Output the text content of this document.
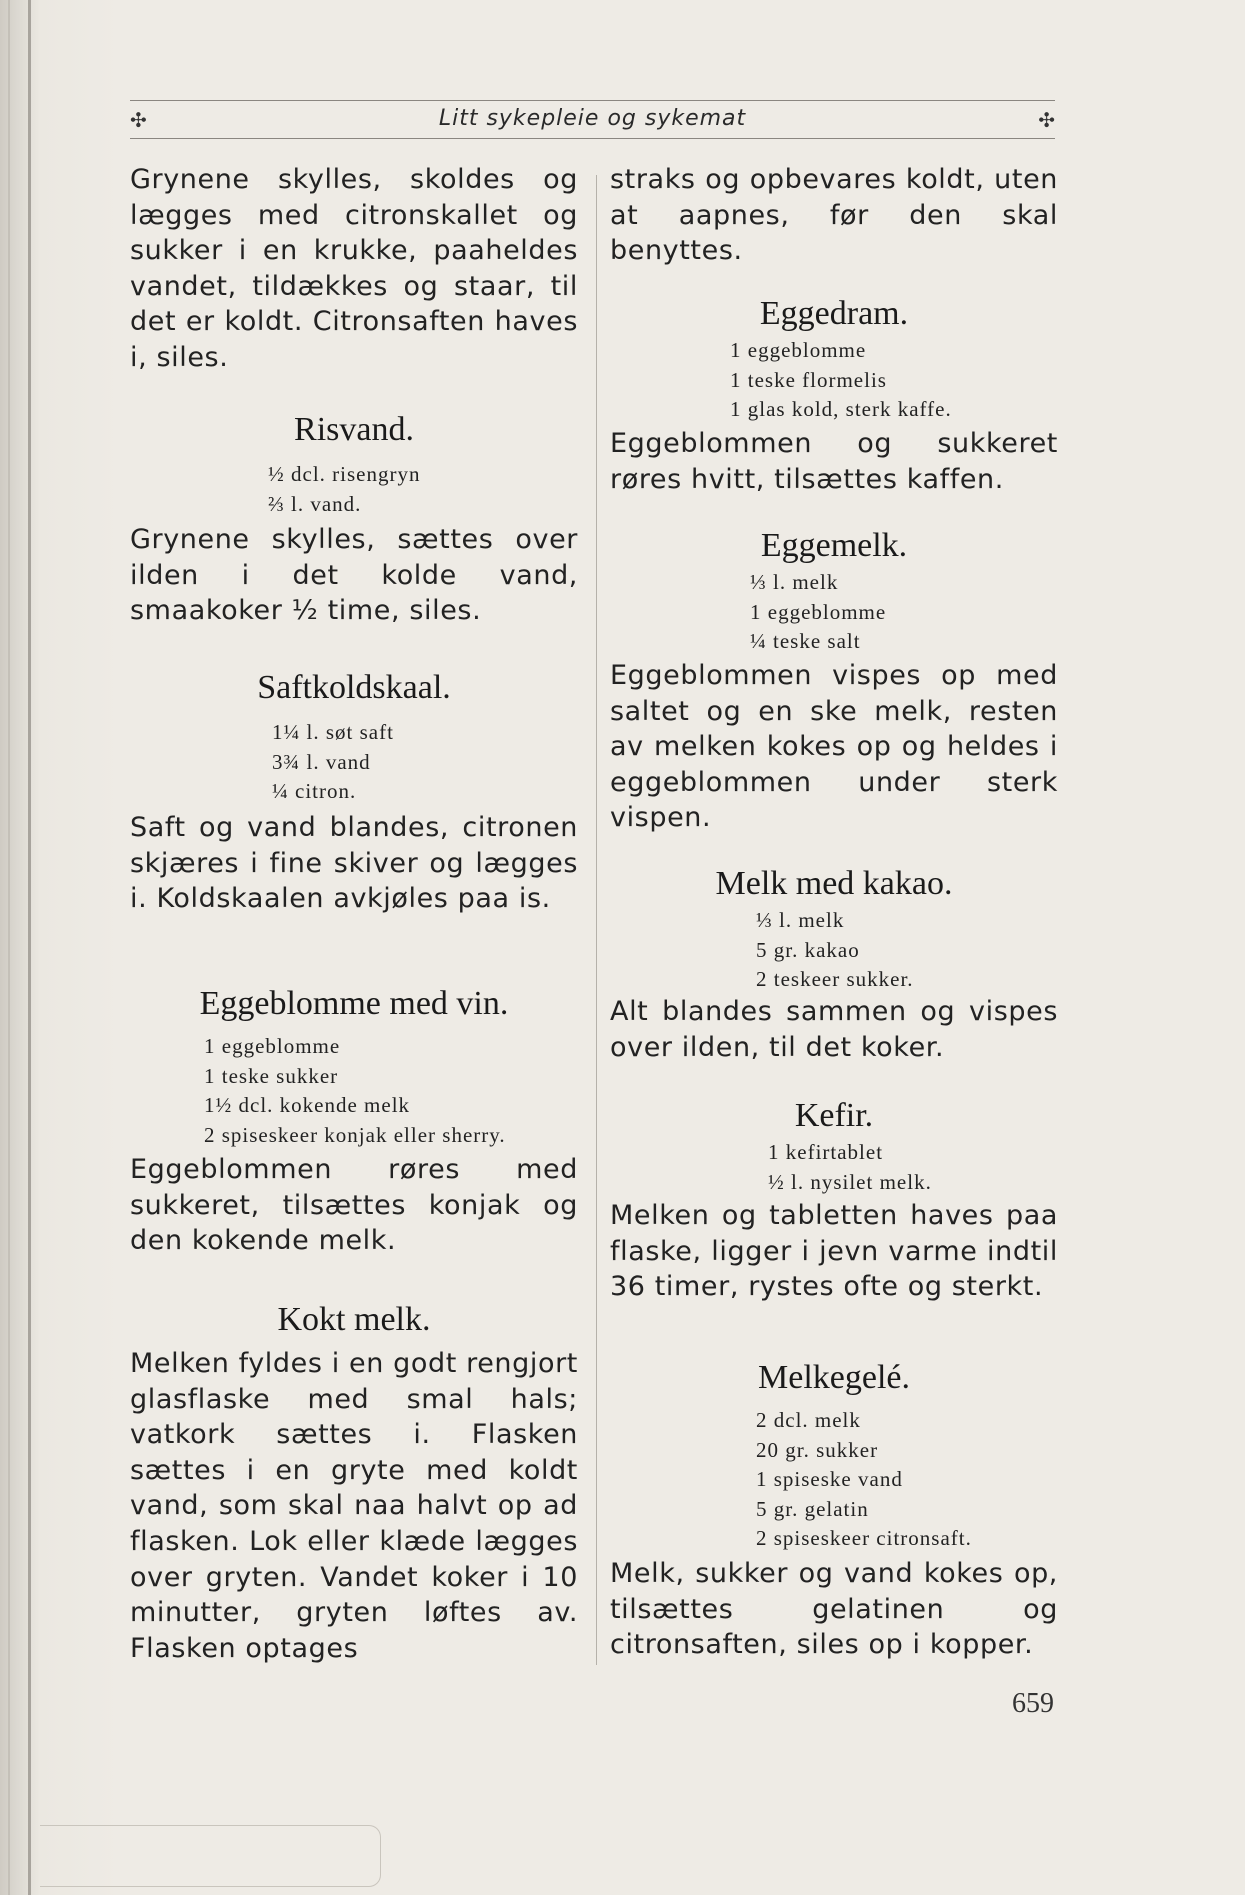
✣	Litt sykepleie og sykemat	✣
Grynene skylles, skoldes og lægges med citronskallet og sukker i en krukke, paaheldes vandet, tildækkes og staar, til det er koldt. Citronsaften haves i, siles.
Risvand.
½ dcl. risengryn
⅔ l. vand.
Grynene skylles, sættes over ilden i det kolde vand, smaakoker ½ time, siles.
Saftkoldskaal.
1¼ l. søt saft
3¾ l. vand
¼ citron.
Saft og vand blandes, citronen skjæres i fine skiver og lægges i. Koldskaalen avkjøles paa is.
Eggeblomme med vin.
1 eggeblomme
1 teske sukker
1½ dcl. kokende melk
2 spiseskeer konjak eller sherry.
Eggeblommen røres med sukkeret, tilsættes konjak og den kokende melk.
Kokt melk.
Melken fyldes i en godt rengjort glasflaske med smal hals; vatkork sættes i. Flasken sættes i en gryte med koldt vand, som skal naa halvt op ad flasken. Lok eller klæde lægges over gryten. Vandet koker i 10 minutter, gryten løftes av. Flasken optages
straks og opbevares koldt, uten at aapnes, før den skal benyttes.
Eggedram.
1 eggeblomme
1 teske flormelis
1 glas kold, sterk kaffe.
Eggeblommen og sukkeret røres hvitt, tilsættes kaffen.
Eggemelk.
⅓ l. melk
1 eggeblomme
¼ teske salt
Eggeblommen vispes op med saltet og en ske melk, resten av melken kokes op og heldes i eggeblommen under sterk vispen.
Melk med kakao.
⅓ l. melk
5 gr. kakao
2 teskeer sukker.
Alt blandes sammen og vispes over ilden, til det koker.
Kefir.
1 kefirtablet
½ l. nysilet melk.
Melken og tabletten haves paa flaske, ligger i jevn varme indtil 36 timer, rystes ofte og sterkt.
Melkegelé.
2 dcl. melk
20 gr. sukker
1 spiseske vand
5 gr. gelatin
2 spiseskeer citronsaft.
Melk, sukker og vand kokes op, tilsættes gelatinen og citronsaften, siles op i kopper.
659
